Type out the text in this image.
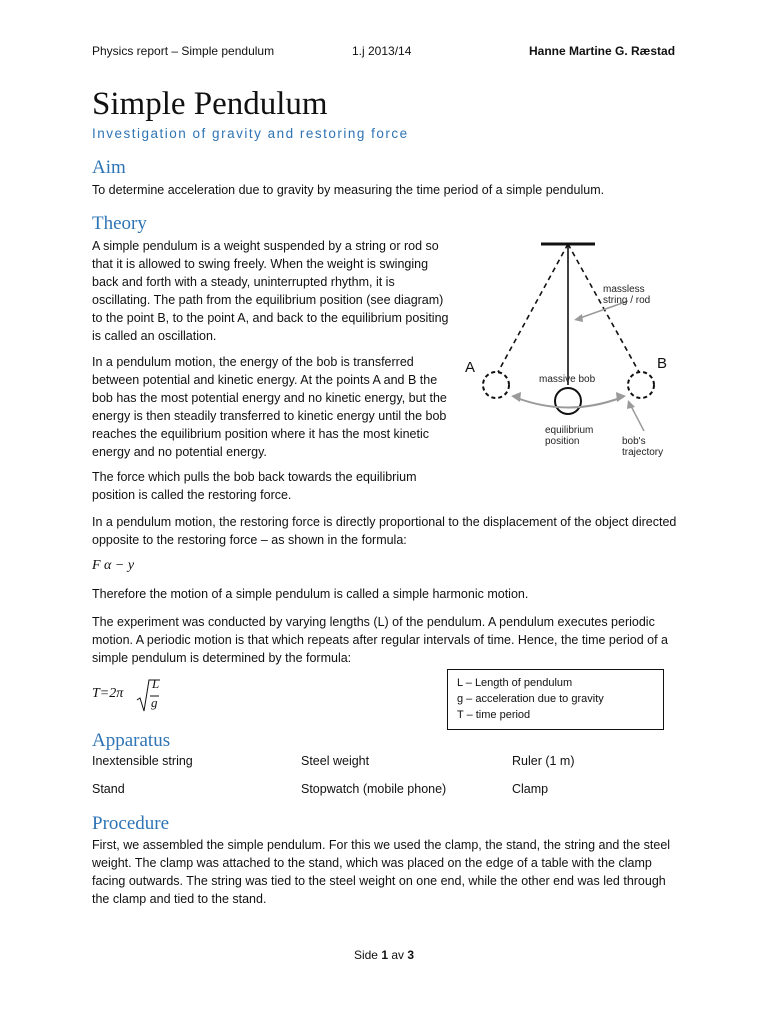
Physics report – Simple pendulum	1.j 2013/14	Hanne Martine G. Ræstad
Simple Pendulum
Investigation of gravity and restoring force
Aim
To determine acceleration due to gravity by measuring the time period of a simple pendulum.
Theory
A simple pendulum is a weight suspended by a string or rod so that it is allowed to swing freely. When the weight is swinging back and forth with a steady, uninterrupted rhythm, it is oscillating. The path from the equilibrium position (see diagram) to the point B, to the point A, and back to the equilibrium positing is called an oscillation.
In a pendulum motion, the energy of the bob is transferred between potential and kinetic energy. At the points A and B the bob has the most potential energy and no kinetic energy, but the energy is then steadily transferred to kinetic energy until the bob reaches the equilibrium position where it has the most kinetic energy and no potential energy.
The force which pulls the bob back towards the equilibrium position is called the restoring force.
In a pendulum motion, the restoring force is directly proportional to the displacement of the object directed opposite to the restoring force – as shown in the formula:
F α − y
Therefore the motion of a simple pendulum is called a simple harmonic motion.
The experiment was conducted by varying lengths (L) of the pendulum. A pendulum executes periodic motion. A periodic motion is that which repeats after regular intervals of time. Hence, the time period of a simple pendulum is determined by the formula:
T=2π
L
g
L – Length of pendulum
g – acceleration due to gravity
T – time period
A	B
massless
string / rod
massive bob
equilibrium
position	bob's
trajectory
Apparatus
Inextensible string	Steel weight	Ruler (1 m)
Stand	Stopwatch (mobile phone)	Clamp
Procedure
First, we assembled the simple pendulum. For this we used the clamp, the stand, the string and the steel weight. The clamp was attached to the stand, which was placed on the edge of a table with the clamp facing outwards. The string was tied to the steel weight on one end, while the other end was led through the clamp and tied to the stand.
Side 1 av 3
